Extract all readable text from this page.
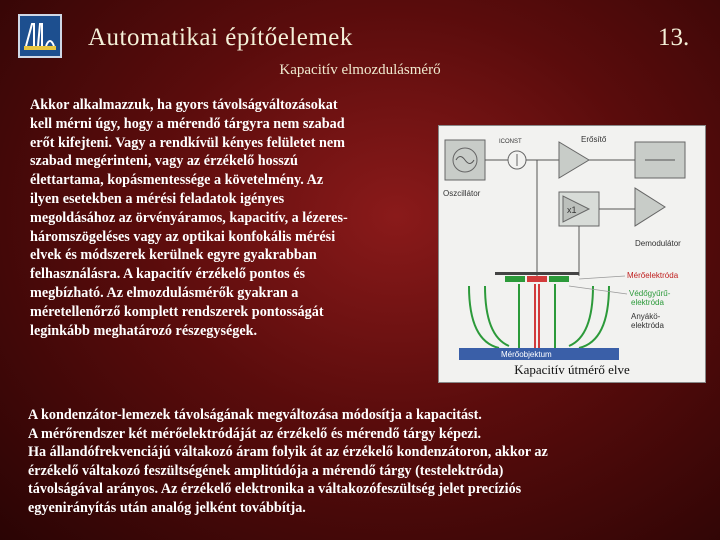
Automatikai építőelemek	13.
Kapacitív elmozdulásmérő
Akkor alkalmazzuk, ha gyors távolságváltozásokat
kell mérni úgy, hogy a mérendő tárgyra nem szabad
erőt kifejteni. Vagy a rendkívül kényes felületet nem
szabad megérinteni, vagy az érzékelő hosszú
élettartama, kopásmentessége a követelmény. Az
ilyen esetekben a mérési feladatok igényes
megoldásához az örvényáramos, kapacitív, a lézeres-
háromszögeléses vagy az optikai konfokális mérési
elvek és módszerek kerülnek egyre gyakrabban
felhasználásra. A kapacitív érzékelő pontos és
megbízható. Az elmozdulásmérők gyakran a
méretellenőrző komplett rendszerek pontosságát
leginkább meghatározó részegységek.
Oszcillátor
ICONST	Erősítő
x1
Demodulátor
Mérőelektróda
Védőgyűrű-
elektróda
Anyákö-
elektróda
Mérőobjektum
Kapacitív útmérő elve
A kondenzátor-lemezek távolságának megváltozása módosítja a kapacitást.
A mérőrendszer két mérőelektródáját az érzékelő és mérendő tárgy képezi.
Ha állandófrekvenciájú váltakozó áram folyik át az érzékelő kondenzátoron, akkor az
érzékelő váltakozó feszültségének amplitúdója a mérendő tárgy (testelektróda)
távolságával arányos. Az érzékelő elektronika a váltakozófeszültség jelet precíziós
egyenirányítás után analóg jelként továbbítja.
